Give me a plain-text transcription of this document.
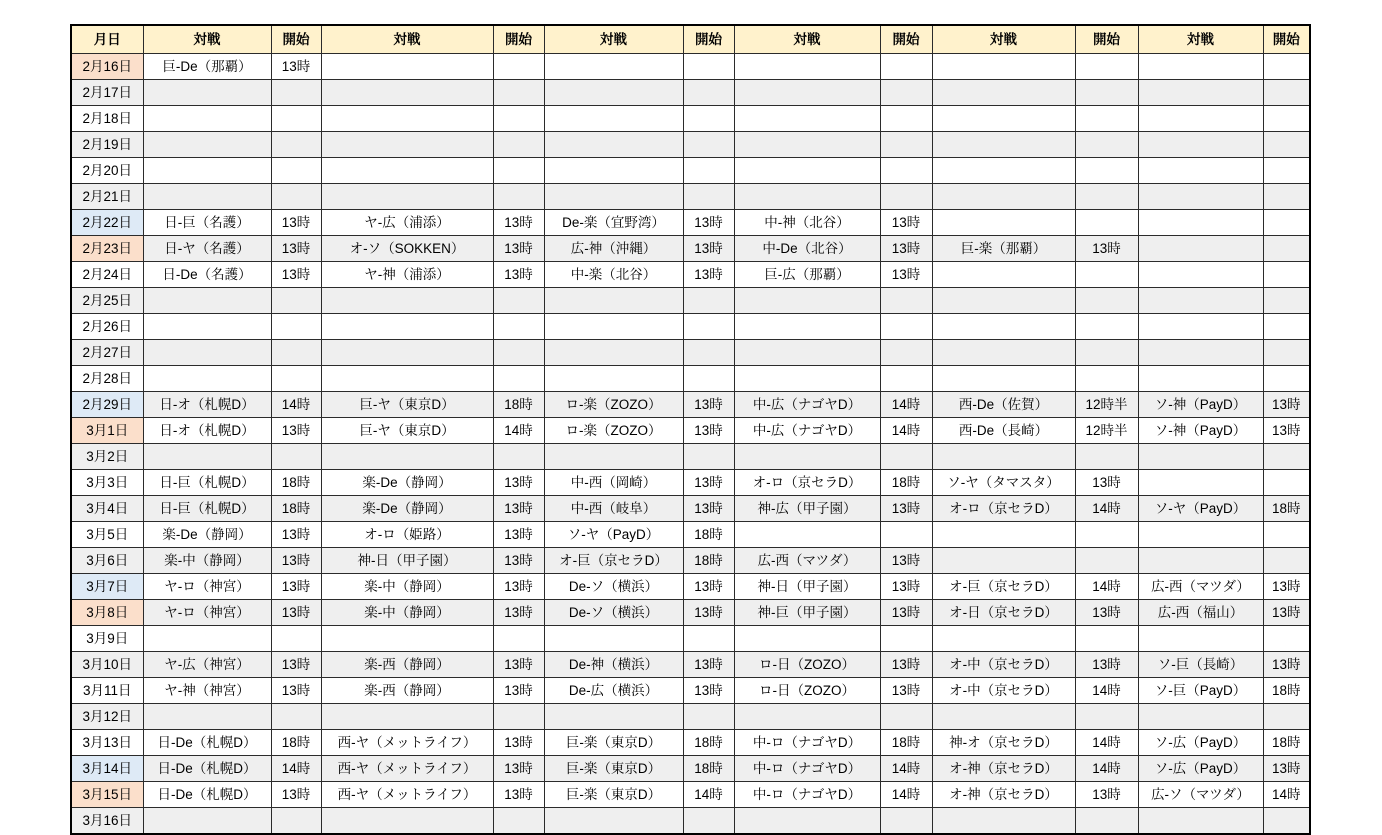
月日	対戦	開始	対戦	開始	対戦	開始	対戦	開始	対戦	開始	対戦	開始
2月16日	巨-De（那覇）	13時										
2月17日												
2月18日												
2月19日												
2月20日												
2月21日												
2月22日	日-巨（名護）	13時	ヤ-広（浦添）	13時	De-楽（宜野湾）	13時	中-神（北谷）	13時				
2月23日	日-ヤ（名護）	13時	オ-ソ（SOKKEN）	13時	広-神（沖縄）	13時	中-De（北谷）	13時	巨-楽（那覇）	13時		
2月24日	日-De（名護）	13時	ヤ-神（浦添）	13時	中-楽（北谷）	13時	巨-広（那覇）	13時				
2月25日												
2月26日												
2月27日												
2月28日												
2月29日	日-オ（札幌D）	14時	巨-ヤ（東京D）	18時	ロ-楽（ZOZO）	13時	中-広（ナゴヤD）	14時	西-De（佐賀）	12時半	ソ-神（PayD）	13時
3月1日	日-オ（札幌D）	13時	巨-ヤ（東京D）	14時	ロ-楽（ZOZO）	13時	中-広（ナゴヤD）	14時	西-De（長崎）	12時半	ソ-神（PayD）	13時
3月2日												
3月3日	日-巨（札幌D）	18時	楽-De（静岡）	13時	中-西（岡崎）	13時	オ-ロ（京セラD）	18時	ソ-ヤ（タマスタ）	13時		
3月4日	日-巨（札幌D）	18時	楽-De（静岡）	13時	中-西（岐阜）	13時	神-広（甲子園）	13時	オ-ロ（京セラD）	14時	ソ-ヤ（PayD）	18時
3月5日	楽-De（静岡）	13時	オ-ロ（姫路）	13時	ソ-ヤ（PayD）	18時						
3月6日	楽-中（静岡）	13時	神-日（甲子園）	13時	オ-巨（京セラD）	18時	広-西（マツダ）	13時				
3月7日	ヤ-ロ（神宮）	13時	楽-中（静岡）	13時	De-ソ（横浜）	13時	神-日（甲子園）	13時	オ-巨（京セラD）	14時	広-西（マツダ）	13時
3月8日	ヤ-ロ（神宮）	13時	楽-中（静岡）	13時	De-ソ（横浜）	13時	神-巨（甲子園）	13時	オ-日（京セラD）	13時	広-西（福山）	13時
3月9日												
3月10日	ヤ-広（神宮）	13時	楽-西（静岡）	13時	De-神（横浜）	13時	ロ-日（ZOZO）	13時	オ-中（京セラD）	13時	ソ-巨（長崎）	13時
3月11日	ヤ-神（神宮）	13時	楽-西（静岡）	13時	De-広（横浜）	13時	ロ-日（ZOZO）	13時	オ-中（京セラD）	14時	ソ-巨（PayD）	18時
3月12日												
3月13日	日-De（札幌D）	18時	西-ヤ（メットライフ）	13時	巨-楽（東京D）	18時	中-ロ（ナゴヤD）	18時	神-オ（京セラD）	14時	ソ-広（PayD）	18時
3月14日	日-De（札幌D）	14時	西-ヤ（メットライフ）	13時	巨-楽（東京D）	18時	中-ロ（ナゴヤD）	14時	オ-神（京セラD）	14時	ソ-広（PayD）	13時
3月15日	日-De（札幌D）	13時	西-ヤ（メットライフ）	13時	巨-楽（東京D）	14時	中-ロ（ナゴヤD）	14時	オ-神（京セラD）	13時	広-ソ（マツダ）	14時
3月16日												
